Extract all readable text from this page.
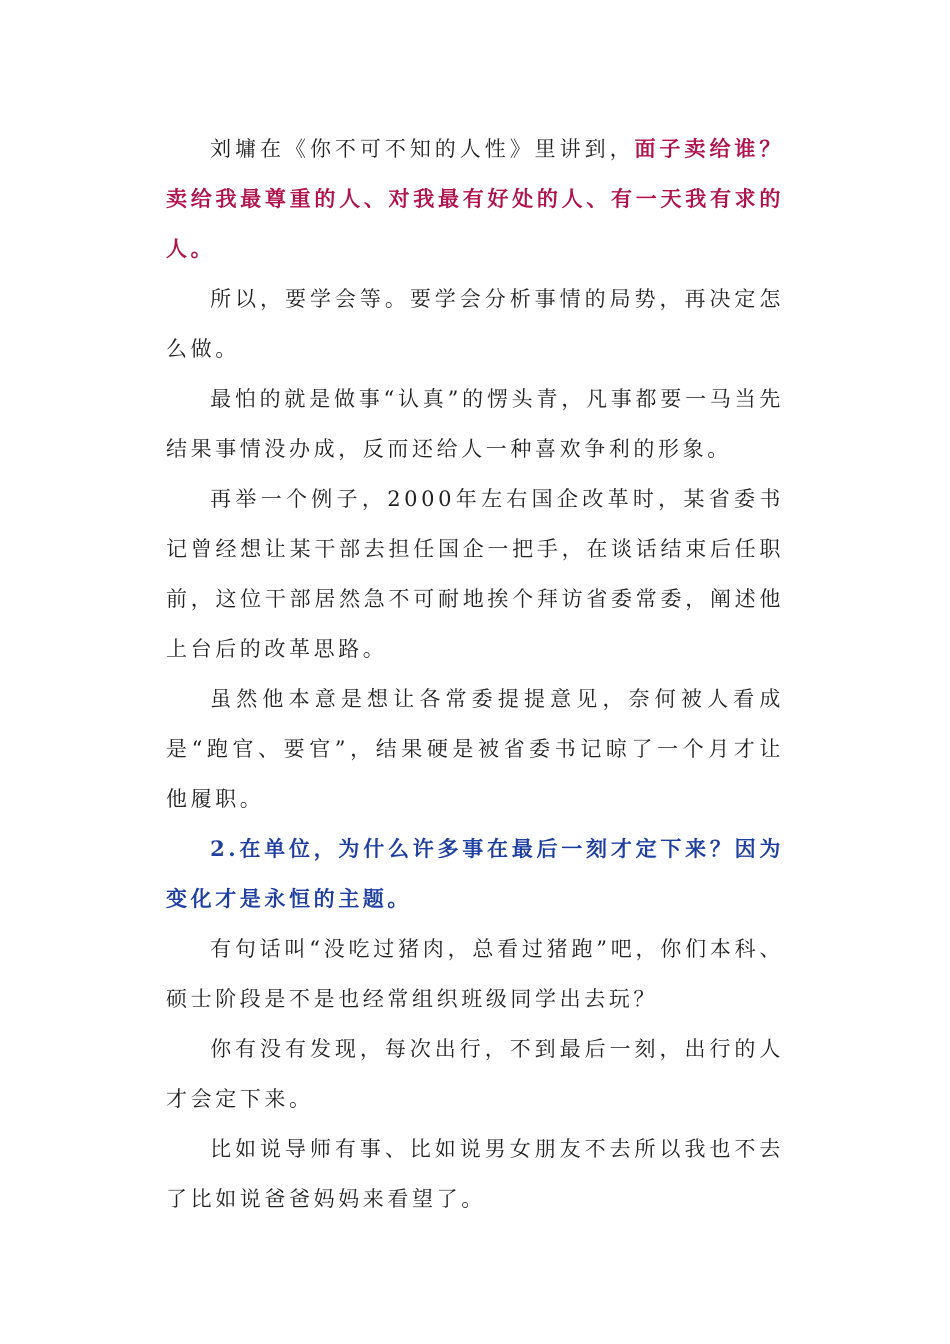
刘墉在《你不可不知的人性》里讲到，面子卖给谁？卖给我最尊重的人、对我最有好处的人、有一天我有求的人。

所以，要学会等。要学会分析事情的局势，再决定怎么做。

最怕的就是做事“认真”的愣头青，凡事都要一马当先结果事情没办成，反而还给人一种喜欢争利的形象。

再举一个例子，2000年左右国企改革时，某省委书记曾经想让某干部去担任国企一把手，在谈话结束后任职前，这位干部居然急不可耐地挨个拜访省委常委，阐述他上台后的改革思路。

虽然他本意是想让各常委提提意见，奈何被人看成是“跑官、要官”，结果硬是被省委书记晾了一个月才让他履职。

2.在单位，为什么许多事在最后一刻才定下来？因为变化才是永恒的主题。

有句话叫“没吃过猪肉，总看过猪跑”吧，你们本科、硕士阶段是不是也经常组织班级同学出去玩？

你有没有发现，每次出行，不到最后一刻，出行的人才会定下来。

比如说导师有事、比如说男女朋友不去所以我也不去了比如说爸爸妈妈来看望了。
